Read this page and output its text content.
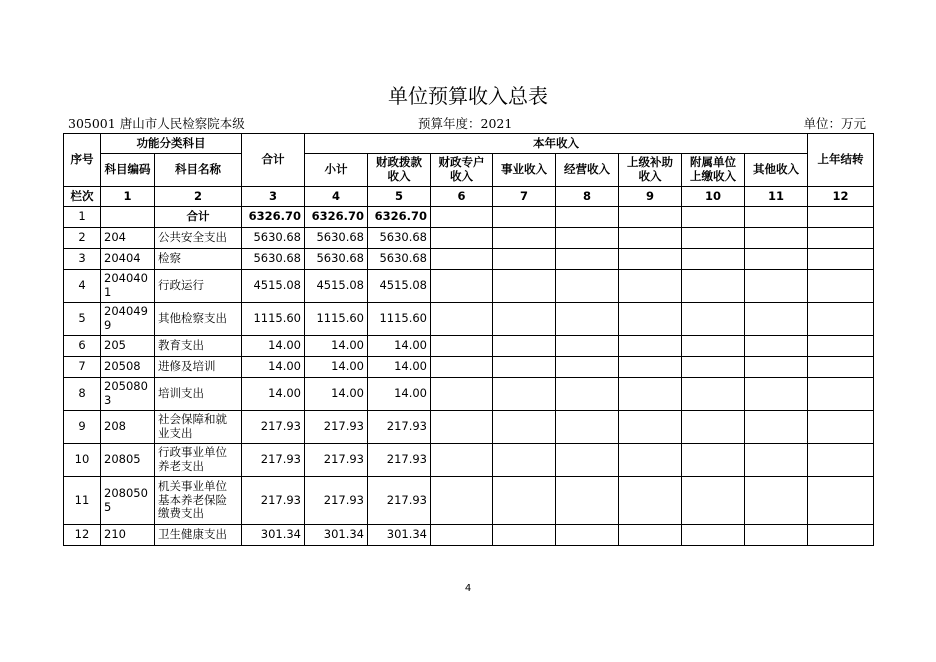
单位预算收入总表
305001 唐山市人民检察院本级	预算年度：2021	单位：万元
序号	功能分类科目		合计	本年收入								上年结转
	科目编码	科目名称		小计	财政拨款收入	财政专户收入	事业收入	经营收入	上级补助收入	附属单位上缴收入	其他收入	
栏次	1	2	3	4	5	6	7	8	9	10	11	12
1		合计	6326.70	6326.70	6326.70							
2	204	公共安全支出	5630.68	5630.68	5630.68							
3	20404	检察	5630.68	5630.68	5630.68							
4	2040401	行政运行	4515.08	4515.08	4515.08							
5	2040499	其他检察支出	1115.60	1115.60	1115.60							
6	205	教育支出	14.00	14.00	14.00							
7	20508	进修及培训	14.00	14.00	14.00							
8	2050803	培训支出	14.00	14.00	14.00							
9	208	社会保障和就业支出	217.93	217.93	217.93							
10	20805	行政事业单位养老支出	217.93	217.93	217.93							
11	2080505	机关事业单位基本养老保险缴费支出	217.93	217.93	217.93							
12	210	卫生健康支出	301.34	301.34	301.34							
4
